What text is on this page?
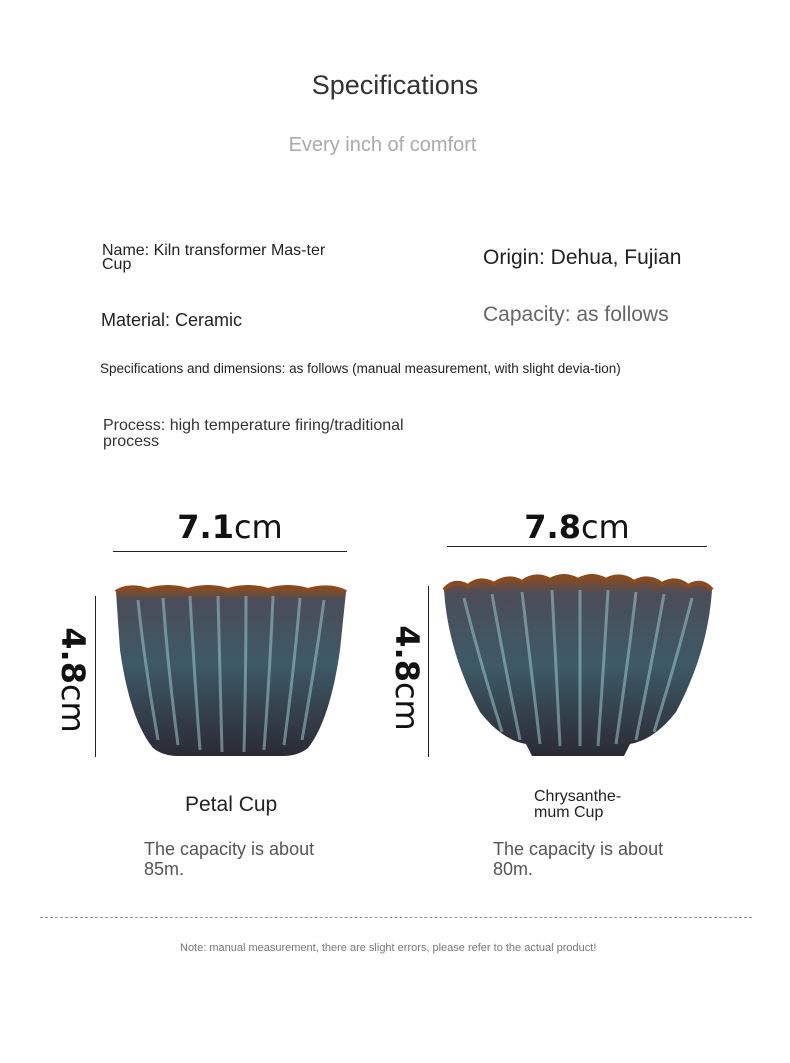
Specifications
Every inch of comfort
Name: Kiln transformer Mas-ter Cup	Origin: Dehua, Fujian
Material: Ceramic	Capacity: as follows
Specifications and dimensions: as follows (manual measurement, with slight devia-tion)
Process: high temperature firing/traditional process
7.1cm
4.8cm
Petal Cup
The capacity is about 85m.
7.8cm
4.8cm
Chrysanthe-mum Cup
The capacity is about 80m.
Note: manual measurement, there are slight errors, please refer to the actual product!
